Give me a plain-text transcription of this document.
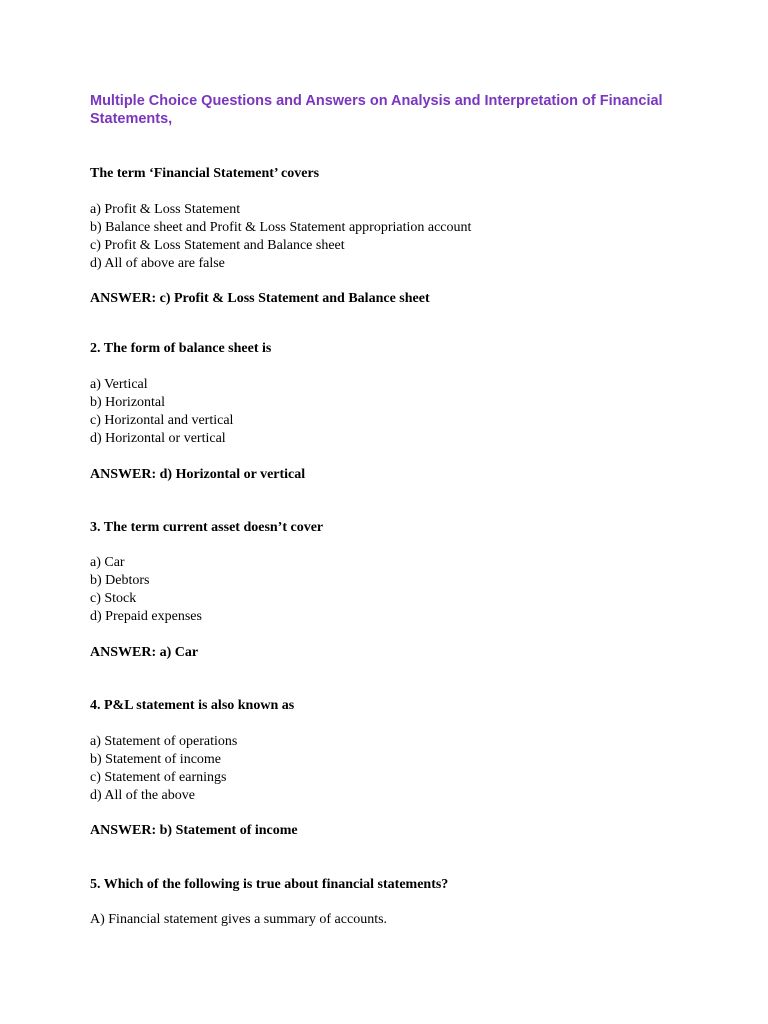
Multiple Choice Questions and Answers on Analysis and Interpretation of Financial Statements,

The term ‘Financial Statement’ covers

a) Profit & Loss Statement
b) Balance sheet and Profit & Loss Statement appropriation account
c) Profit & Loss Statement and Balance sheet
d) All of above are false

ANSWER: c) Profit & Loss Statement and Balance sheet

2. The form of balance sheet is

a) Vertical
b) Horizontal
c) Horizontal and vertical
d) Horizontal or vertical

ANSWER: d) Horizontal or vertical

3. The term current asset doesn’t cover

a) Car
b) Debtors
c) Stock
d) Prepaid expenses

ANSWER: a) Car

4. P&L statement is also known as

a) Statement of operations
b) Statement of income
c) Statement of earnings
d) All of the above

ANSWER: b) Statement of income

5. Which of the following is true about financial statements?

A) Financial statement gives a summary of accounts.
